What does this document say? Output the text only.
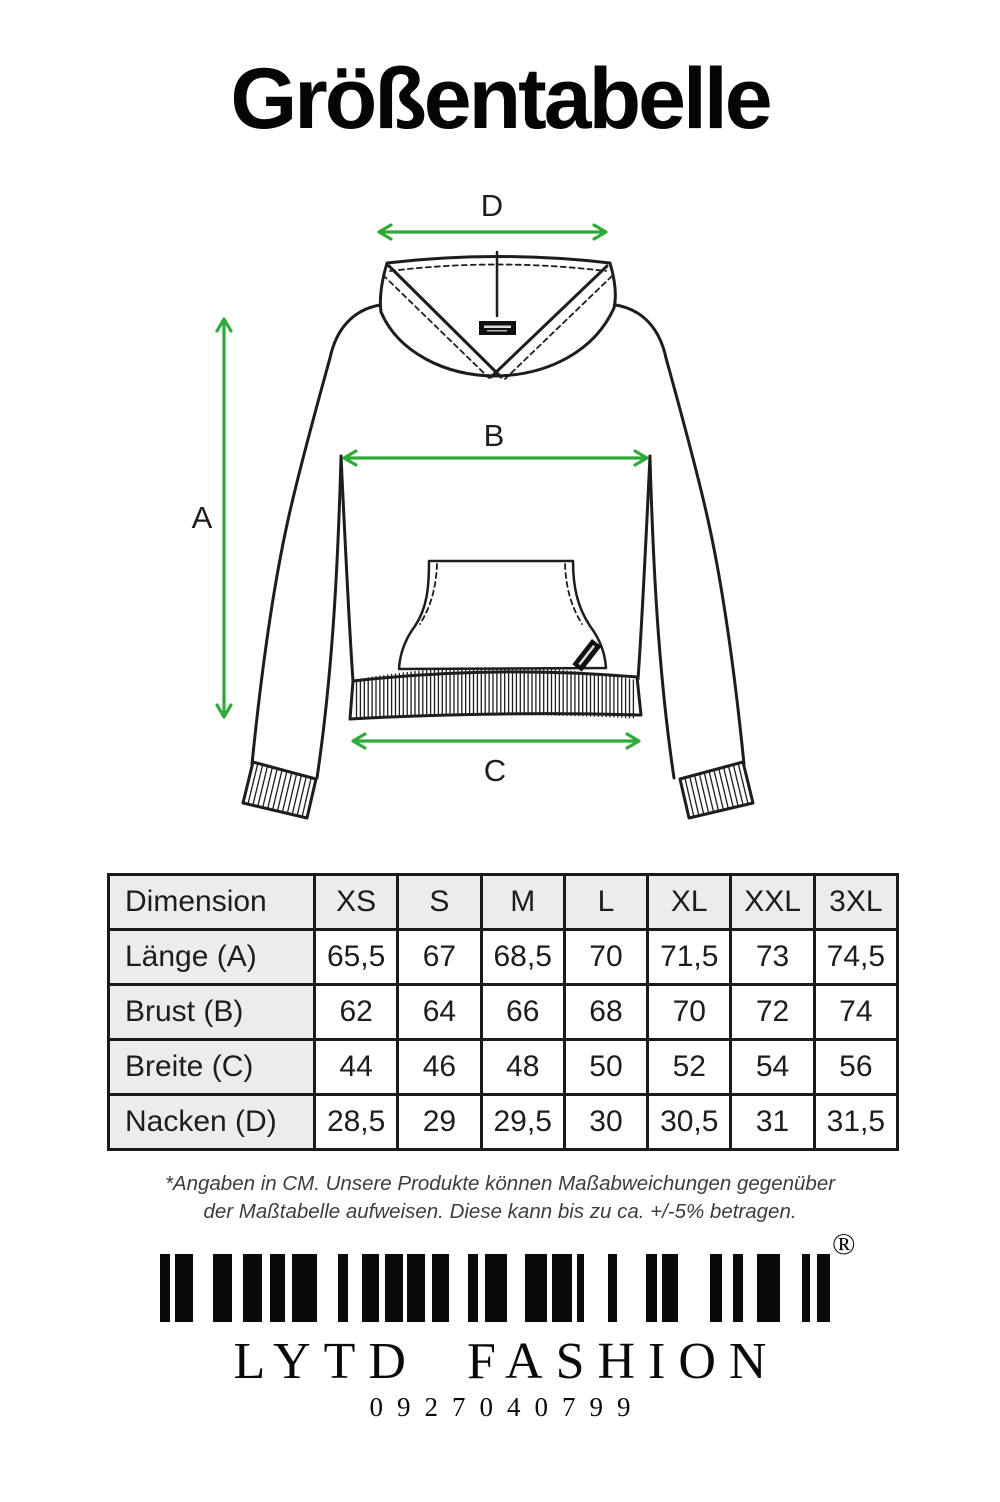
Größentabelle
D
B
A
C
Dimension	XS	S	M	L	XL	XXL	3XL
Länge (A)	65,5	67	68,5	70	71,5	73	74,5
Brust (B)	62	64	66	68	70	72	74
Breite (C)	44	46	48	50	52	54	56
Nacken (D)	28,5	29	29,5	30	30,5	31	31,5
*Angaben in CM. Unsere Produkte können Maßabweichungen gegenüber
der Maßtabelle aufweisen. Diese kann bis zu ca. +/-5% betragen.
®
LYTD FASHION
0927040799
